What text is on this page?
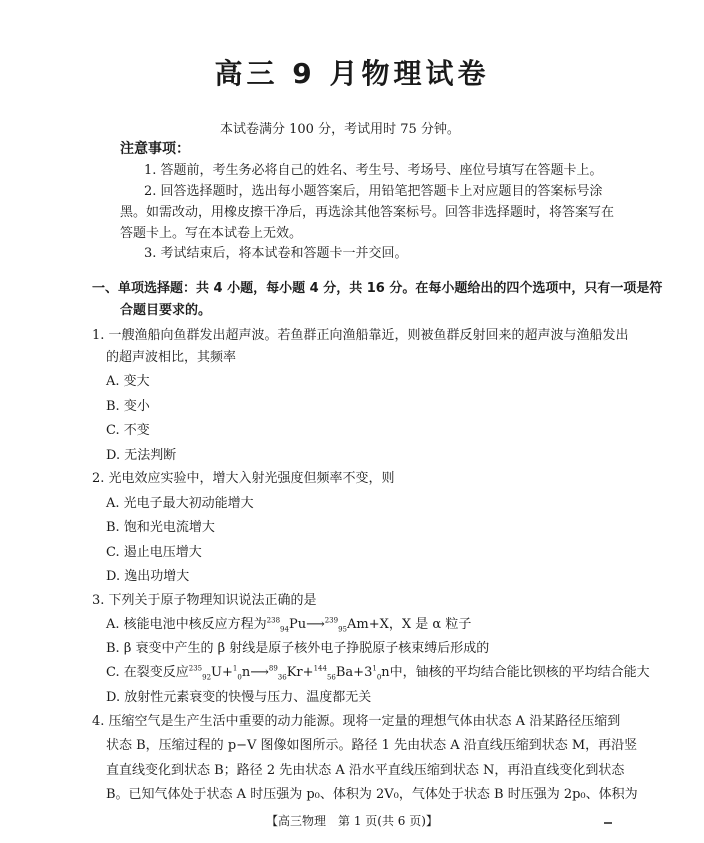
高三 9 月物理试卷
本试卷满分 100 分，考试用时 75 分钟。
注意事项：
1. 答题前，考生务必将自己的姓名、考生号、考场号、座位号填写在答题卡上。
2. 回答选择题时，选出每小题答案后，用铅笔把答题卡上对应题目的答案标号涂
黑。如需改动，用橡皮擦干净后，再选涂其他答案标号。回答非选择题时，将答案写在
答题卡上。写在本试卷上无效。
3. 考试结束后，将本试卷和答题卡一并交回。
一、单项选择题：共 4 小题，每小题 4 分，共 16 分。在每小题给出的四个选项中，只有一项是符
合题目要求的。
1. 一艘渔船向鱼群发出超声波。若鱼群正向渔船靠近，则被鱼群反射回来的超声波与渔船发出
的超声波相比，其频率
A. 变大
B. 变小
C. 不变
D. 无法判断
2. 光电效应实验中，增大入射光强度但频率不变，则
A. 光电子最大初动能增大
B. 饱和光电流增大
C. 遏止电压增大
D. 逸出功增大
3. 下列关于原子物理知识说法正确的是
A. 核能电池中核反应方程为$^{238}_{94}$Pu⟶$^{239}_{95}$Am+X，X 是 α 粒子
B. β 衰变中产生的 β 射线是原子核外电子挣脱原子核束缚后形成的
C. 在裂变反应$^{235}_{92}U+^1_0n⟶^{89}_{36}Kr+^{144}_{56}Ba+3^1_0n$中，铀核的平均结合能比钡核的平均结合能大
D. 放射性元素衰变的快慢与压力、温度都无关
4. 压缩空气是生产生活中重要的动力能源。现将一定量的理想气体由状态 A 沿某路径压缩到
状态 B，压缩过程的 p−V 图像如图所示。路径 1 先由状态 A 沿直线压缩到状态 M，再沿竖
直直线变化到状态 B；路径 2 先由状态 A 沿水平直线压缩到状态 N，再沿直线变化到状态
B。已知气体处于状态 A 时压强为 p₀、体积为 2V₀，气体处于状态 B 时压强为 2p₀、体积为
【高三物理　第 1 页(共 6 页)】
